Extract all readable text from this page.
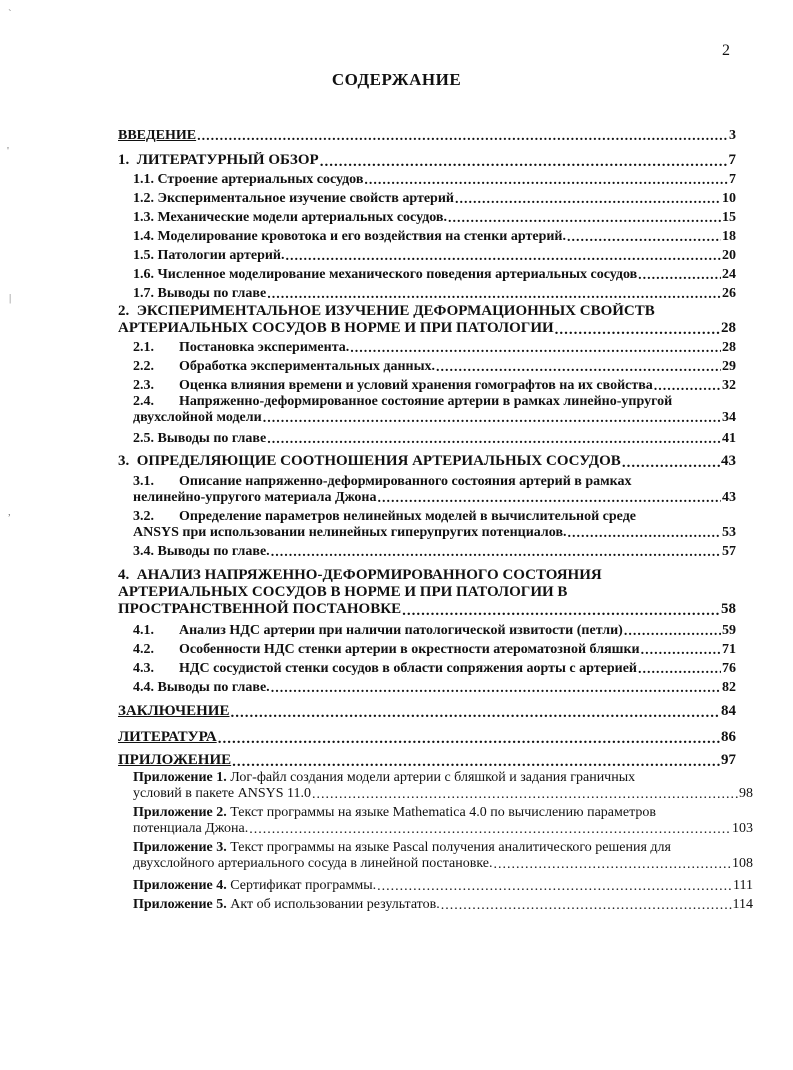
2
СОДЕРЖАНИЕ
ВВЕДЕНИЕ .....	3
1. ЛИТЕРАТУРНЫЙ ОБЗОР .....	7
1.1. Строение артериальных сосудов .....	7
1.2. Экспериментальное изучение свойств артерий .....	10
1.3. Механические модели артериальных сосудов. .....	15
1.4. Моделирование кровотока и его воздействия на стенки артерий. .....	18
1.5. Патологии артерий. .....	20
1.6. Численное моделирование механического поведения артериальных сосудов .....	24
1.7. Выводы по главе .....	26
2. ЭКСПЕРИМЕНТАЛЬНОЕ ИЗУЧЕНИЕ ДЕФОРМАЦИОННЫХ СВОЙСТВ
АРТЕРИАЛЬНЫХ СОСУДОВ В НОРМЕ И ПРИ ПАТОЛОГИИ .....	28
2.1. Постановка эксперимента. .....	28
2.2. Обработка экспериментальных данных. .....	29
2.3. Оценка влияния времени и условий хранения гомографтов на их свойства .....	32
2.4. Напряженно-деформированное состояние артерии в рамках линейно-упругой
двухслойной модели .....	34
2.5. Выводы по главе .....	41
3. ОПРЕДЕЛЯЮЩИЕ СООТНОШЕНИЯ АРТЕРИАЛЬНЫХ СОСУДОВ .....	43
3.1. Описание напряженно-деформированного состояния артерий в рамках
нелинейно-упругого материала Джона .....	43
3.2. Определение параметров нелинейных моделей в вычислительной среде
ANSYS при использовании нелинейных гиперупругих потенциалов. .....	53
3.4. Выводы по главе. .....	57
4. АНАЛИЗ НАПРЯЖЕННО-ДЕФОРМИРОВАННОГО СОСТОЯНИЯ
АРТЕРИАЛЬНЫХ СОСУДОВ В НОРМЕ И ПРИ ПАТОЛОГИИ В
ПРОСТРАНСТВЕННОЙ ПОСТАНОВКЕ .....	58
4.1. Анализ НДС артерии при наличии патологической извитости (петли) .....	59
4.2. Особенности НДС стенки артерии в окрестности атероматозной бляшки .....	71
4.3. НДС сосудистой стенки сосудов в области сопряжения аорты с артерией .....	76
4.4. Выводы по главе. .....	82
ЗАКЛЮЧЕНИЕ .....	84
ЛИТЕРАТУРА .....	86
ПРИЛОЖЕНИЕ .....	97
Приложение 1. Лог-файл создания модели артерии с бляшкой и задания граничных
условий в пакете ANSYS 11.0 .....	98
Приложение 2. Текст программы на языке Mathematica 4.0 по вычислению параметров
потенциала Джона. .....	103
Приложение 3. Текст программы на языке Pascal получения аналитического решения для
двухслойного артериального сосуда в линейной постановке. .....	108
Приложение 4. Сертификат программы. .....	111
Приложение 5. Акт об использовании результатов. .....	114
`
'
|
,
